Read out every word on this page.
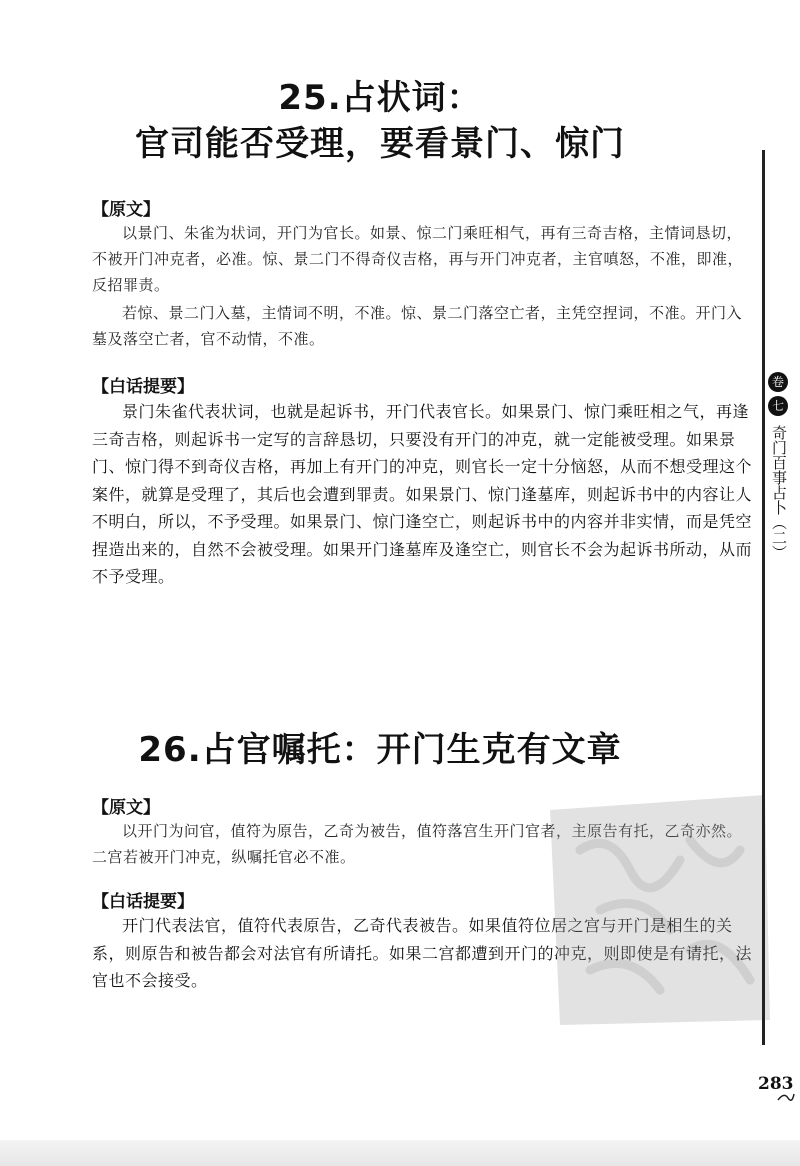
25.占状词：
官司能否受理，要看景门、惊门
【原文】
以景门、朱雀为状词，开门为官长。如景、惊二门乘旺相气，再有三奇吉格，主情词恳切，不被开门冲克者，必准。惊、景二门不得奇仪吉格，再与开门冲克者，主官嗔怒，不准，即准，反招罪责。
若惊、景二门入墓，主情词不明，不准。惊、景二门落空亡者，主凭空捏词，不准。开门入墓及落空亡者，官不动情，不准。
【白话提要】
景门朱雀代表状词，也就是起诉书，开门代表官长。如果景门、惊门乘旺相之气，再逢三奇吉格，则起诉书一定写的言辞恳切，只要没有开门的冲克，就一定能被受理。如果景门、惊门得不到奇仪吉格，再加上有开门的冲克，则官长一定十分恼怒，从而不想受理这个案件，就算是受理了，其后也会遭到罪责。如果景门、惊门逢墓库，则起诉书中的内容让人不明白，所以，不予受理。如果景门、惊门逢空亡，则起诉书中的内容并非实情，而是凭空捏造出来的，自然不会被受理。如果开门逢墓库及逢空亡，则官长不会为起诉书所动，从而不予受理。
26.占官嘱托：开门生克有文章
【原文】
以开门为问官，值符为原告，乙奇为被告，值符落宫生开门官者，主原告有托，乙奇亦然。二宫若被开门冲克，纵嘱托官必不准。
【白话提要】
开门代表法官，值符代表原告，乙奇代表被告。如果值符位居之宫与开门是相生的关系，则原告和被告都会对法官有所请托。如果二宫都遭到开门的冲克，则即使是有请托，法官也不会接受。
卷
七
奇门百事占卜（二）
283
